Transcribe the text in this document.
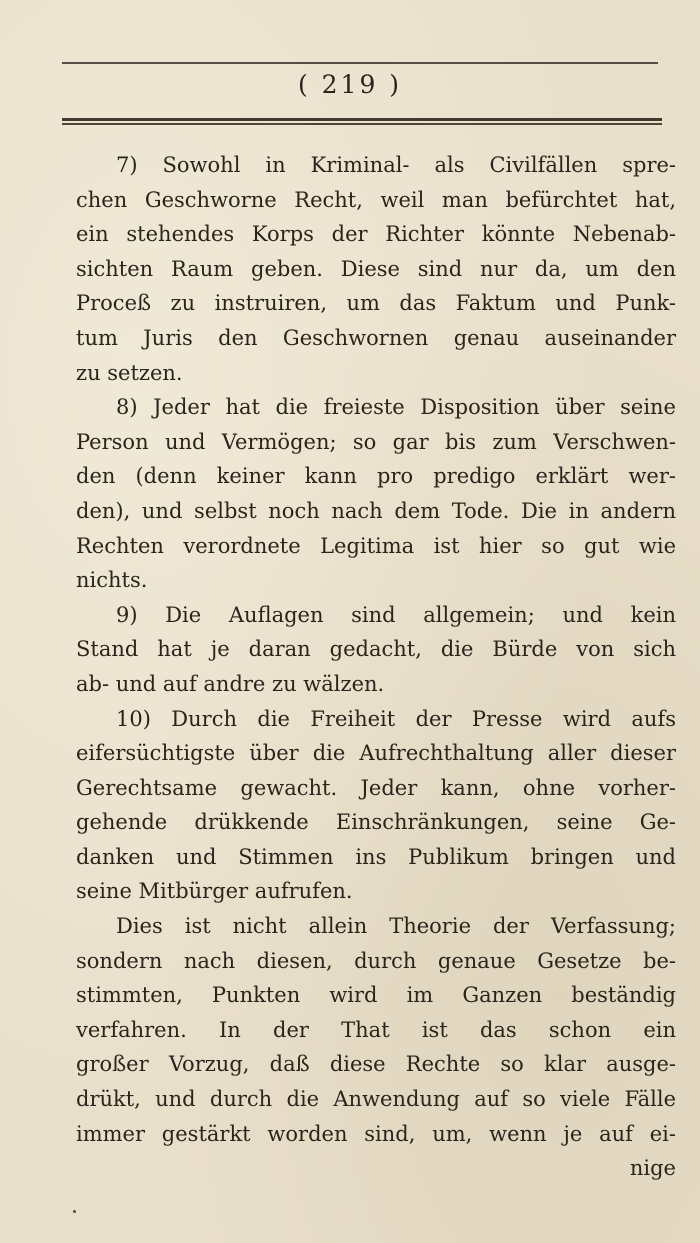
( 219 )
7) Sowohl in Kriminal- als Civilfällen spre-
chen Geschworne Recht, weil man befürchtet hat,
ein stehendes Korps der Richter könnte Nebenab-
sichten Raum geben. Diese sind nur da, um den
Proceß zu instruiren, um das Faktum und Punk-
tum Juris den Geschwornen genau auseinander
zu setzen.
8) Jeder hat die freieste Disposition über seine
Person und Vermögen; so gar bis zum Verschwen-
den (denn keiner kann pro predigo erklärt wer-
den), und selbst noch nach dem Tode. Die in andern
Rechten verordnete Legitima ist hier so gut wie
nichts.
9) Die Auflagen sind allgemein; und kein
Stand hat je daran gedacht, die Bürde von sich
ab- und auf andre zu wälzen.
10) Durch die Freiheit der Presse wird aufs
eifersüchtigste über die Aufrechthaltung aller dieser
Gerechtsame gewacht. Jeder kann, ohne vorher-
gehende drükkende Einschränkungen, seine Ge-
danken und Stimmen ins Publikum bringen und
seine Mitbürger aufrufen.
Dies ist nicht allein Theorie der Verfassung;
sondern nach diesen, durch genaue Gesetze be-
stimmten, Punkten wird im Ganzen beständig
verfahren. In der That ist das schon ein
großer Vorzug, daß diese Rechte so klar ausge-
drükt, und durch die Anwendung auf so viele Fälle
immer gestärkt worden sind, um, wenn je auf ei-
nige
